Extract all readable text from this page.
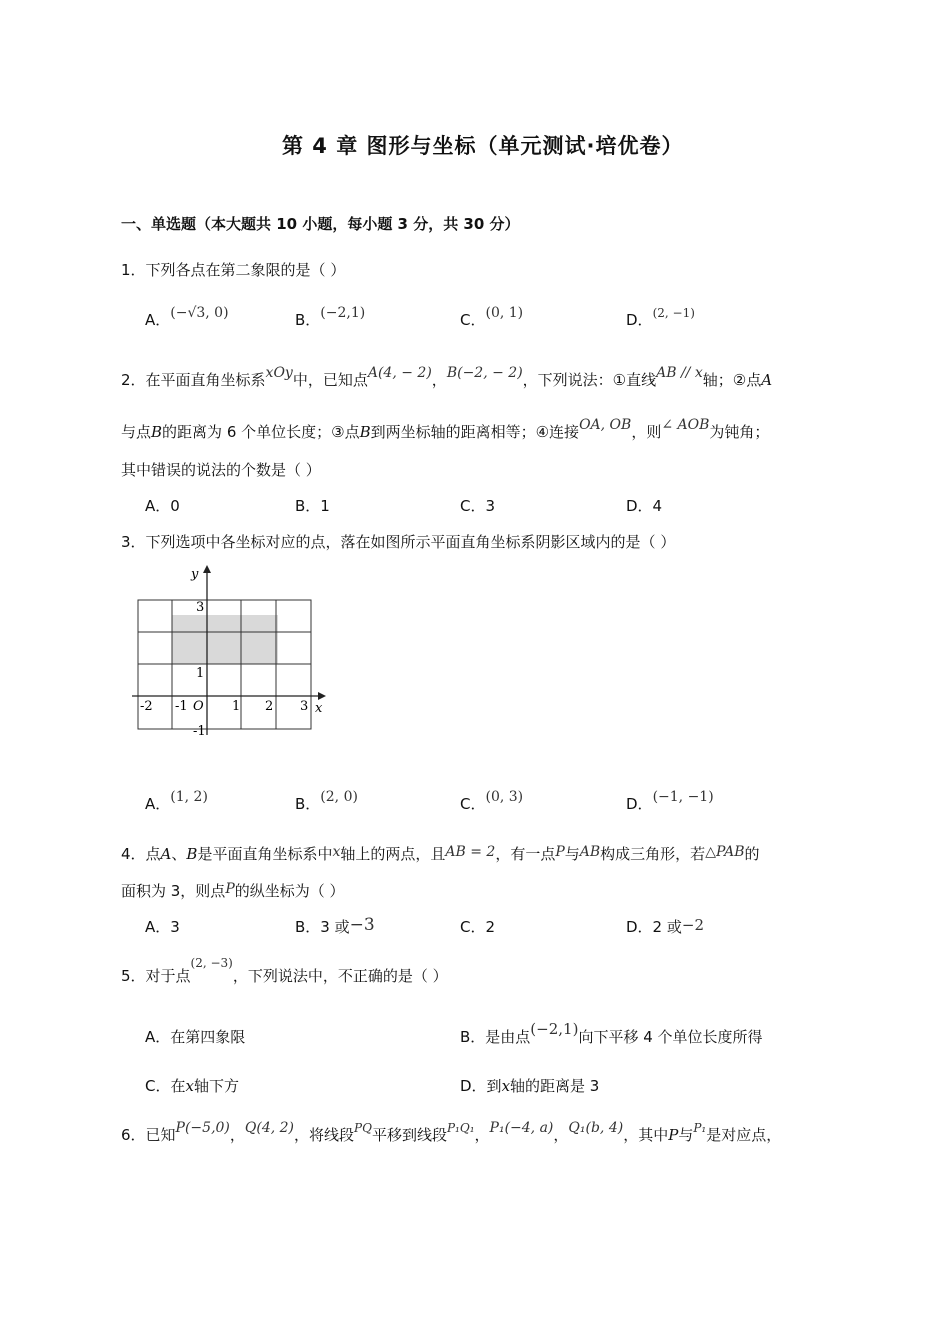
第 4 章 图形与坐标（单元测试·培优卷）
一、单选题（本大题共 10 小题，每小题 3 分，共 30 分）
1．下列各点在第二象限的是（ ）
A．(−√3, 0)	B．(−2,1)	C．(0, 1)	D．$^{(2, -1)}$
2．在平面直角坐标系xOy中，已知点A(4, − 2)，B(−2, − 2)，下列说法：①直线AB // x轴；②点A
与点B的距离为 6 个单位长度；③点B到两坐标轴的距离相等；④连接OA, OB，则∠ AOB为钝角；
其中错误的说法的个数是（ ）
A．0	B．1	C．3	D．4
3．下列选项中各坐标对应的点，落在如图所示平面直角坐标系阴影区域内的是（ ）
x
y
O
-2 -1	1 2 3
3
1
-1
A．(1, 2)	B．(2, 0)	C．(0, 3)	D．(−1, −1)
4．点A、B是平面直角坐标系中x轴上的两点，且AB = 2，有一点P与AB构成三角形，若△PAB的
面积为 3，则点P的纵坐标为（ ）
A．3	B．3 或−3	C．2	D．2 或−2
5．对于点$^{(2, -3)}$，下列说法中，不正确的是（ ）
A．在第四象限	B．是由点(−2,1)向下平移 4 个单位长度所得
C．在x轴下方	D．到x轴的距离是 3
6．已知P(−5,0)，Q(4, 2)，将线段$^{PQ}$平移到线段$^{P_1Q_1}$，P₁(−4, a)，Q₁(b, 4)，其中P与$^{P_1}$是对应点，
